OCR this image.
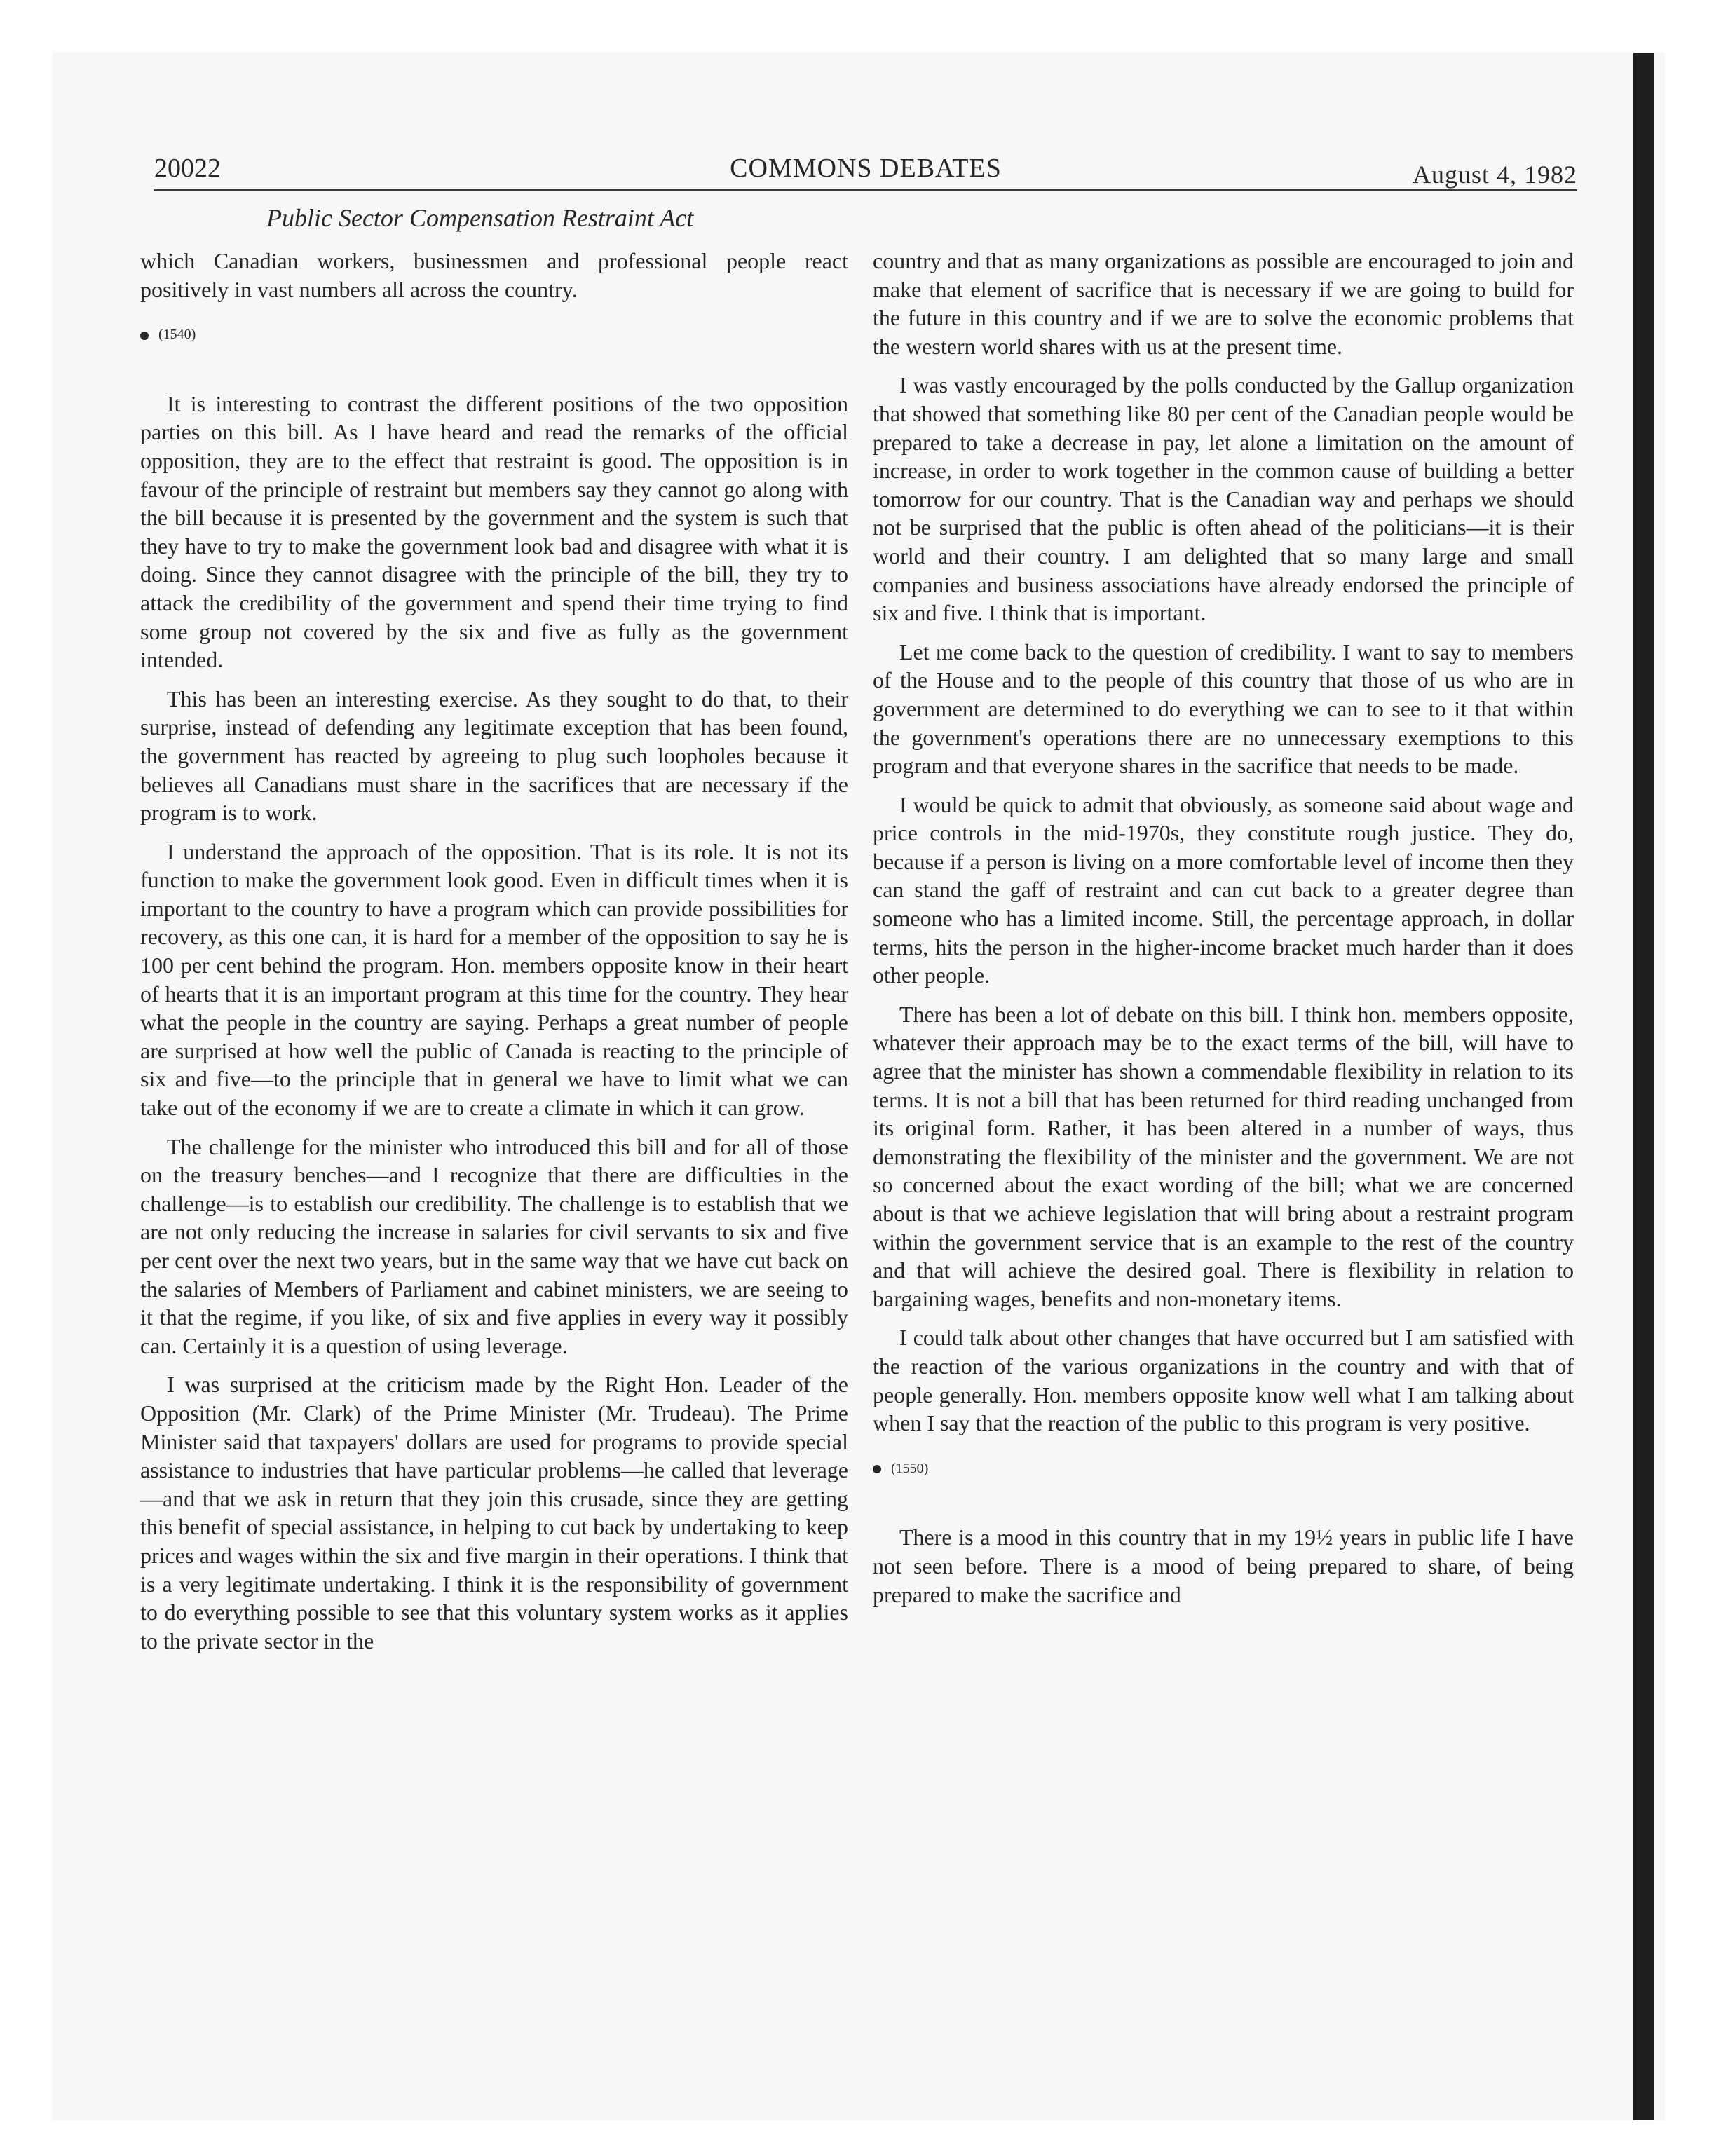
20022	COMMONS DEBATES	August 4, 1982
Public Sector Compensation Restraint Act

which Canadian workers, businessmen and professional people react positively in vast numbers all across the country.

(1540)

It is interesting to contrast the different positions of the two opposition parties on this bill. As I have heard and read the remarks of the official opposition, they are to the effect that restraint is good. The opposition is in favour of the principle of restraint but members say they cannot go along with the bill because it is presented by the government and the system is such that they have to try to make the government look bad and disagree with what it is doing. Since they cannot disagree with the principle of the bill, they try to attack the credibility of the government and spend their time trying to find some group not covered by the six and five as fully as the government intended.

This has been an interesting exercise. As they sought to do that, to their surprise, instead of defending any legitimate exception that has been found, the government has reacted by agreeing to plug such loopholes because it believes all Canadians must share in the sacrifices that are necessary if the program is to work.

I understand the approach of the opposition. That is its role. It is not its function to make the government look good. Even in difficult times when it is important to the country to have a program which can provide possibilities for recovery, as this one can, it is hard for a member of the opposition to say he is 100 per cent behind the program. Hon. members opposite know in their heart of hearts that it is an important program at this time for the country. They hear what the people in the country are saying. Perhaps a great number of people are surprised at how well the public of Canada is reacting to the principle of six and five—to the principle that in general we have to limit what we can take out of the economy if we are to create a climate in which it can grow.

The challenge for the minister who introduced this bill and for all of those on the treasury benches—and I recognize that there are difficulties in the challenge—is to establish our credibility. The challenge is to establish that we are not only reducing the increase in salaries for civil servants to six and five per cent over the next two years, but in the same way that we have cut back on the salaries of Members of Parliament and cabinet ministers, we are seeing to it that the regime, if you like, of six and five applies in every way it possibly can. Certainly it is a question of using leverage.

I was surprised at the criticism made by the Right Hon. Leader of the Opposition (Mr. Clark) of the Prime Minister (Mr. Trudeau). The Prime Minister said that taxpayers' dollars are used for programs to provide special assistance to industries that have particular problems—he called that leverage—and that we ask in return that they join this crusade, since they are getting this benefit of special assistance, in helping to cut back by undertaking to keep prices and wages within the six and five margin in their operations. I think that is a very legitimate undertaking. I think it is the responsibility of government to do everything possible to see that this voluntary system works as it applies to the private sector in the

country and that as many organizations as possible are encouraged to join and make that element of sacrifice that is necessary if we are going to build for the future in this country and if we are to solve the economic problems that the western world shares with us at the present time.

I was vastly encouraged by the polls conducted by the Gallup organization that showed that something like 80 per cent of the Canadian people would be prepared to take a decrease in pay, let alone a limitation on the amount of increase, in order to work together in the common cause of building a better tomorrow for our country. That is the Canadian way and perhaps we should not be surprised that the public is often ahead of the politicians—it is their world and their country. I am delighted that so many large and small companies and business associations have already endorsed the principle of six and five. I think that is important.

Let me come back to the question of credibility. I want to say to members of the House and to the people of this country that those of us who are in government are determined to do everything we can to see to it that within the government's operations there are no unnecessary exemptions to this program and that everyone shares in the sacrifice that needs to be made.

I would be quick to admit that obviously, as someone said about wage and price controls in the mid-1970s, they constitute rough justice. They do, because if a person is living on a more comfortable level of income then they can stand the gaff of restraint and can cut back to a greater degree than someone who has a limited income. Still, the percentage approach, in dollar terms, hits the person in the higher-income bracket much harder than it does other people.

There has been a lot of debate on this bill. I think hon. members opposite, whatever their approach may be to the exact terms of the bill, will have to agree that the minister has shown a commendable flexibility in relation to its terms. It is not a bill that has been returned for third reading unchanged from its original form. Rather, it has been altered in a number of ways, thus demonstrating the flexibility of the minister and the government. We are not so concerned about the exact wording of the bill; what we are concerned about is that we achieve legislation that will bring about a restraint program within the government service that is an example to the rest of the country and that will achieve the desired goal. There is flexibility in relation to bargaining wages, benefits and non-monetary items.

I could talk about other changes that have occurred but I am satisfied with the reaction of the various organizations in the country and with that of people generally. Hon. members opposite know well what I am talking about when I say that the reaction of the public to this program is very positive.

(1550)

There is a mood in this country that in my 19½ years in public life I have not seen before. There is a mood of being prepared to share, of being prepared to make the sacrifice and
